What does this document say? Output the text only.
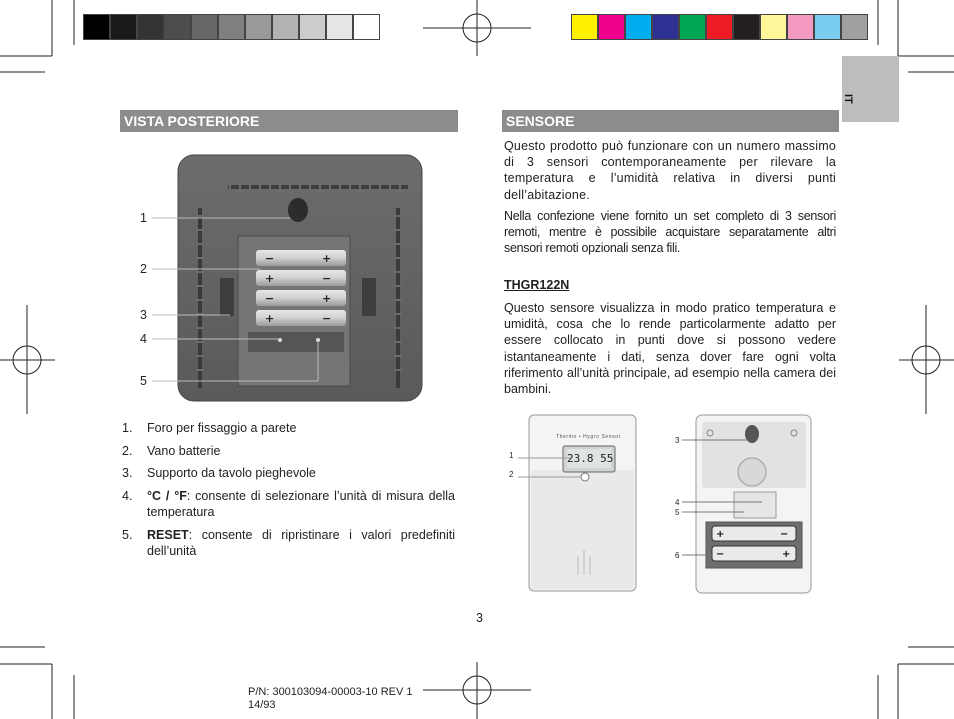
IT
VISTA POSTERIORE
−	+
+	−
−	+
+	−
1
2
3
4
5
1. Foro per fissaggio a parete
2. Vano batterie
3. Supporto da tavolo pieghevole
4. °C / °F: consente di selezionare l’unità di misura della temperatura
5. RESET: consente di ripristinare i valori predefiniti dell’unità
SENSORE

Questo prodotto può funzionare con un numero massimo di 3 sensori contemporaneamente per rilevare la temperatura e l’umidità relativa in diversi punti dell’abitazione.

Nella confezione viene fornito un set completo di 3 sensori remoti, mentre è possibile acquistare separatamente altri sensori remoti opzionali senza fili.

THGR122N

Questo sensore visualizza in modo pratico temperatura e umidità, cosa che lo rende particolarmente adatto per essere collocato in punti dove si possono vedere istantaneamente i dati, senza dover fare ogni volta riferimento all’unità principale, ad esempio nella camera dei bambini.

Thermo • Hygro Sensor
23.8 55
1
2
+	−
−	+
3
4
5
6
3
P/N: 300103094-00003-10 REV 1
14/93
